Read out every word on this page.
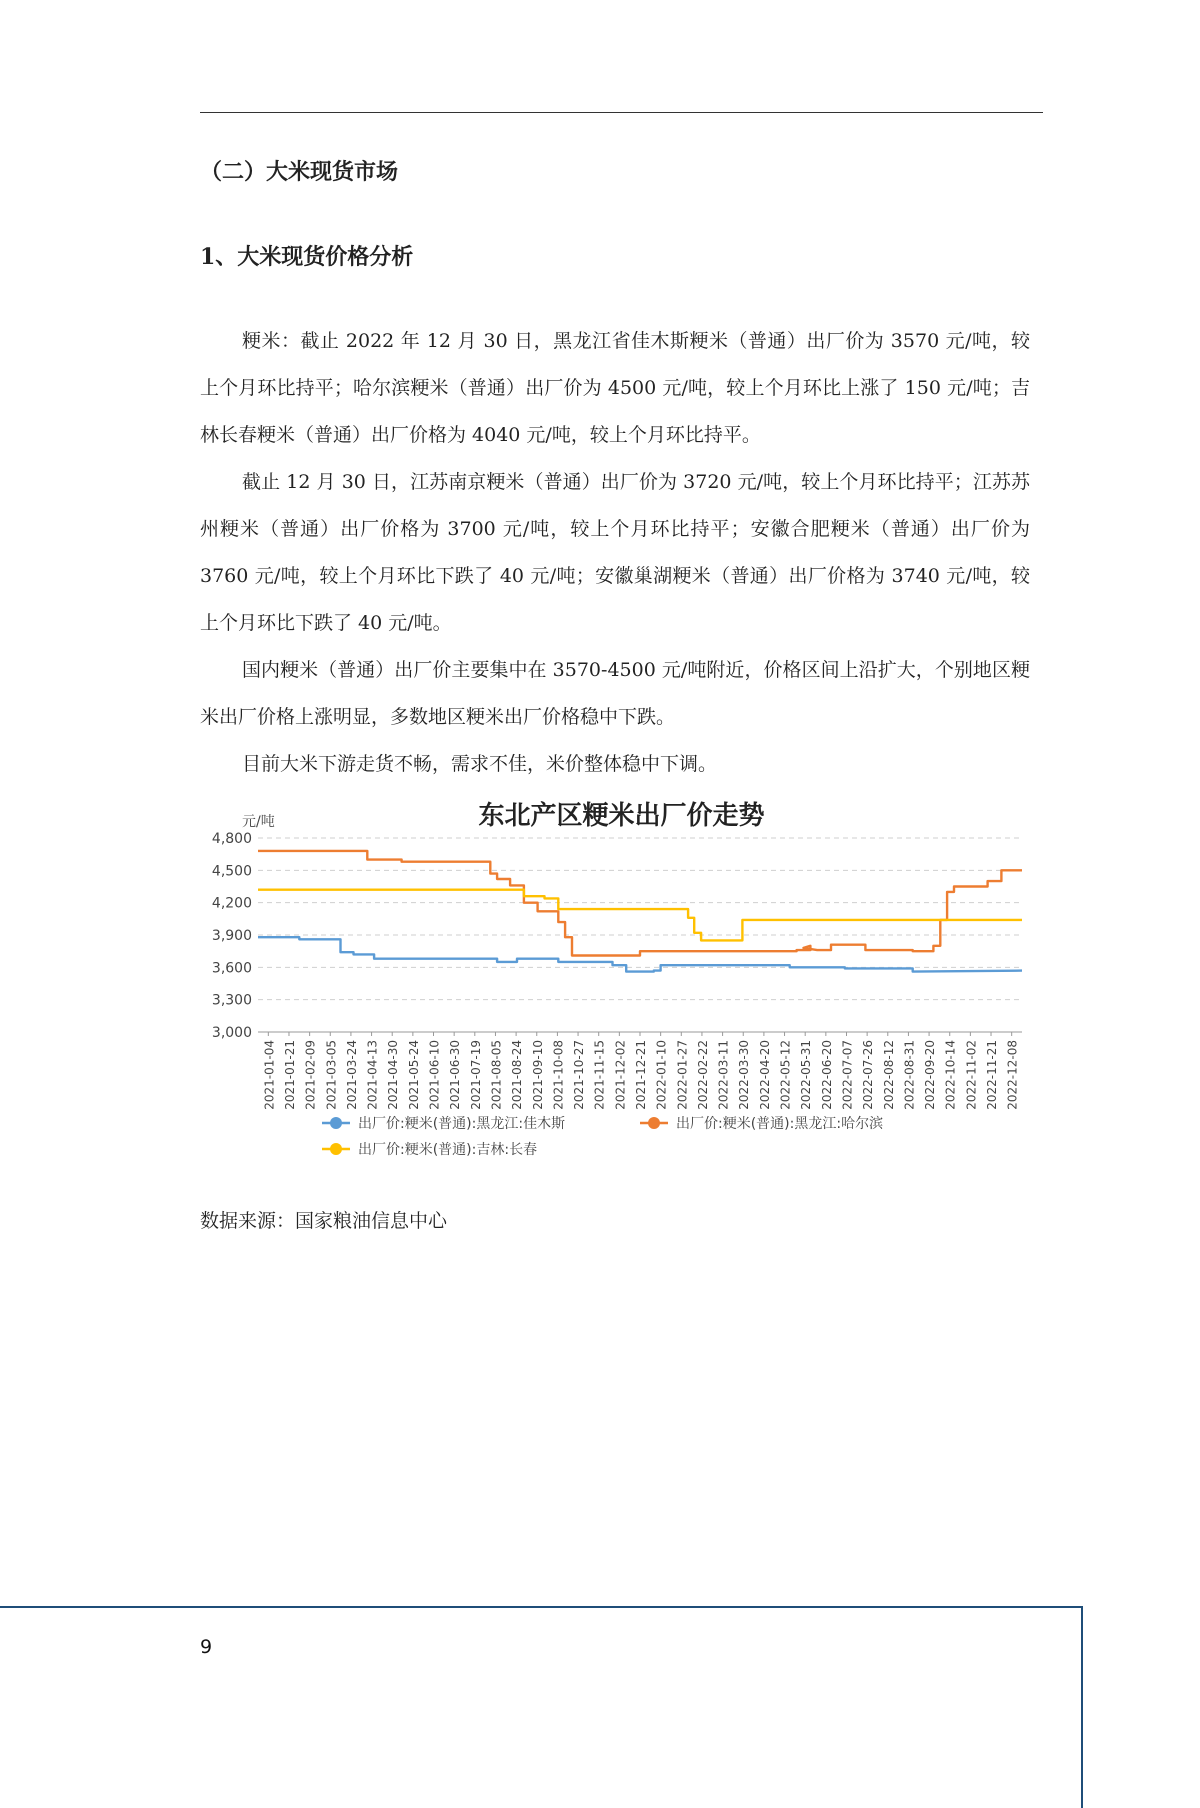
（二）大米现货市场
1、大米现货价格分析

粳米：截止 2022 年 12 月 30 日，黑龙江省佳木斯粳米（普通）出厂价为 3570 元/吨，较上个月环比持平；哈尔滨粳米（普通）出厂价为 4500 元/吨，较上个月环比上涨了 150 元/吨；吉林长春粳米（普通）出厂价格为 4040 元/吨，较上个月环比持平。

截止 12 月 30 日，江苏南京粳米（普通）出厂价为 3720 元/吨，较上个月环比持平；江苏苏州粳米（普通）出厂价格为 3700 元/吨，较上个月环比持平；安徽合肥粳米（普通）出厂价为 3760 元/吨，较上个月环比下跌了 40 元/吨；安徽巢湖粳米（普通）出厂价格为 3740 元/吨，较上个月环比下跌了 40 元/吨。

国内粳米（普通）出厂价主要集中在 3570-4500 元/吨附近，价格区间上沿扩大，个别地区粳米出厂价格上涨明显，多数地区粳米出厂价格稳中下跌。

目前大米下游走货不畅，需求不佳，米价整体稳中下调。

东北产区粳米出厂价走势
3,000
3,300
3,600
3,900
4,200
4,500
4,800
2021-01-04 2021-01-21 2021-02-09 2021-03-05 2021-03-24 2021-04-13 2021-04-30 2021-05-24 2021-06-10 2021-06-30 2021-07-19 2021-08-05 2021-08-24 2021-09-10 2021-10-08 2021-10-27 2021-11-15 2021-12-02 2021-12-21 2022-01-10 2022-01-27 2022-02-22 2022-03-11 2022-03-30 2022-04-20 2022-05-12 2022-05-31 2022-06-20 2022-07-07 2022-07-26 2022-08-12 2022-08-31 2022-09-20 2022-10-14 2022-11-02 2022-11-21 2022-12-08
出厂价:粳米(普通):黑龙江:佳木斯	出厂价:粳米(普通):黑龙江:哈尔滨
出厂价:粳米(普通):吉林:长春
元/吨
数据来源：国家粮油信息中心
9
